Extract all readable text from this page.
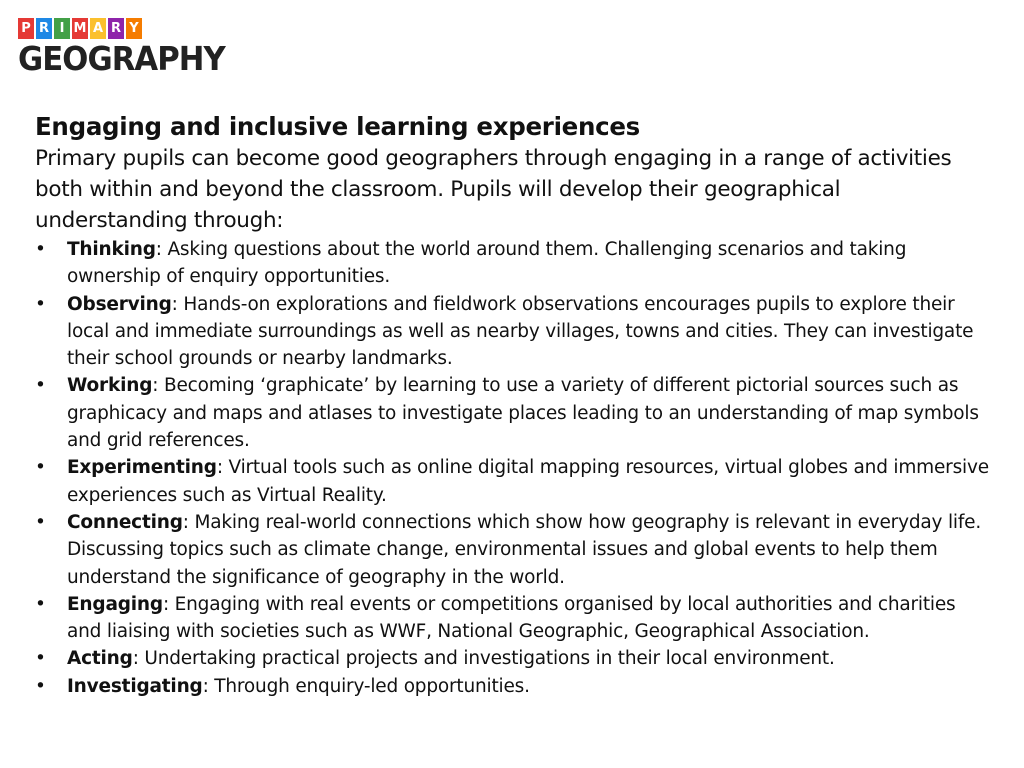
P R I M A R Y
GEOGRAPHY
Engaging and inclusive learning experiences

Primary pupils can become good geographers through engaging in a range of activities both within and beyond the classroom. Pupils will develop their geographical understanding through:

• Thinking: Asking questions about the world around them. Challenging scenarios and taking ownership of enquiry opportunities.
• Observing: Hands-on explorations and fieldwork observations encourages pupils to explore their local and immediate surroundings as well as nearby villages, towns and cities. They can investigate their school grounds or nearby landmarks.
• Working: Becoming ‘graphicate’ by learning to use a variety of different pictorial sources such as graphicacy and maps and atlases to investigate places leading to an understanding of map symbols and grid references.
• Experimenting: Virtual tools such as online digital mapping resources, virtual globes and immersive experiences such as Virtual Reality.
• Connecting: Making real-world connections which show how geography is relevant in everyday life. Discussing topics such as climate change, environmental issues and global events to help them understand the significance of geography in the world.
• Engaging: Engaging with real events or competitions organised by local authorities and charities and liaising with societies such as WWF, National Geographic, Geographical Association.
• Acting: Undertaking practical projects and investigations in their local environment.
• Investigating: Through enquiry-led opportunities.
